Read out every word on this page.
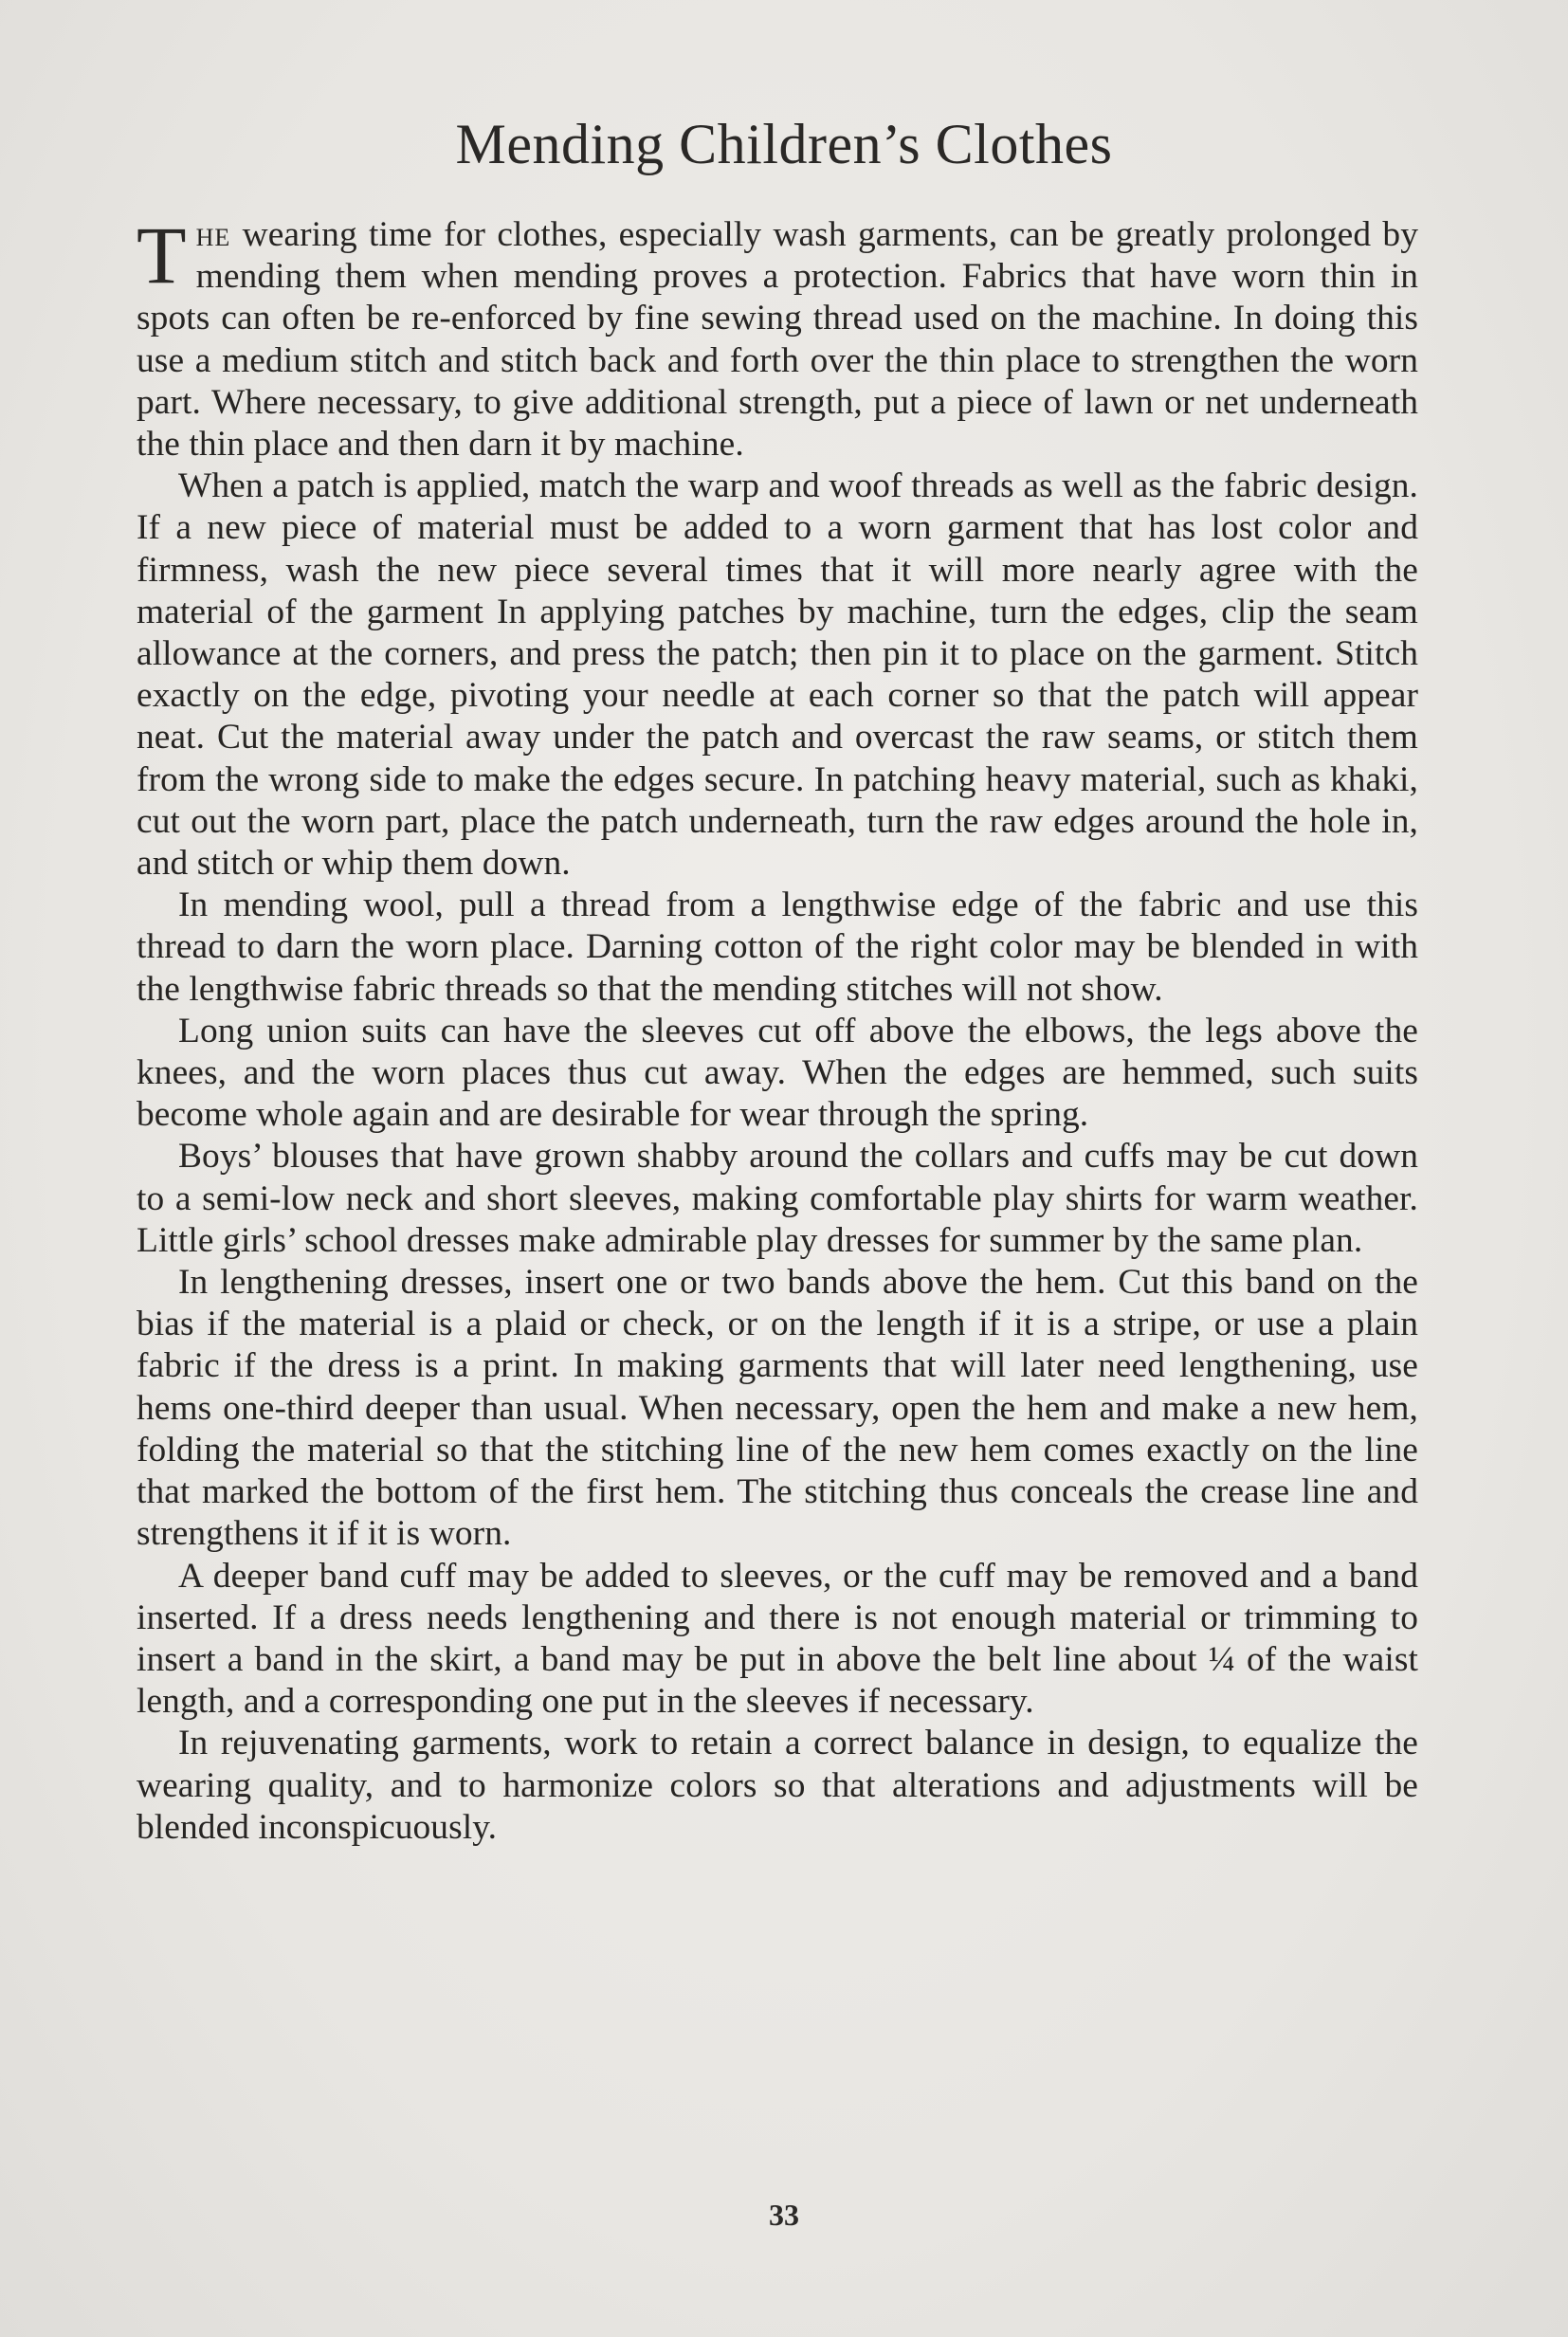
Mending Children’s Clothes

The wearing time for clothes, especially wash garments, can be greatly prolonged by mending them when mending proves a protection. Fabrics that have worn thin in spots can often be re-enforced by fine sewing thread used on the machine. In doing this use a medium stitch and stitch back and forth over the thin place to strengthen the worn part. Where necessary, to give additional strength, put a piece of lawn or net underneath the thin place and then darn it by machine.

When a patch is applied, match the warp and woof threads as well as the fabric design. If a new piece of material must be added to a worn garment that has lost color and firmness, wash the new piece several times that it will more nearly agree with the material of the garment In applying patches by machine, turn the edges, clip the seam allowance at the corners, and press the patch; then pin it to place on the garment. Stitch exactly on the edge, pivoting your needle at each corner so that the patch will appear neat. Cut the material away under the patch and overcast the raw seams, or stitch them from the wrong side to make the edges secure. In patching heavy material, such as khaki, cut out the worn part, place the patch underneath, turn the raw edges around the hole in, and stitch or whip them down.

In mending wool, pull a thread from a lengthwise edge of the fabric and use this thread to darn the worn place. Darning cotton of the right color may be blended in with the lengthwise fabric threads so that the mending stitches will not show.

Long union suits can have the sleeves cut off above the elbows, the legs above the knees, and the worn places thus cut away. When the edges are hemmed, such suits become whole again and are desirable for wear through the spring.

Boys’ blouses that have grown shabby around the collars and cuffs may be cut down to a semi-low neck and short sleeves, making comfortable play shirts for warm weather. Little girls’ school dresses make admirable play dresses for summer by the same plan.

In lengthening dresses, insert one or two bands above the hem. Cut this band on the bias if the material is a plaid or check, or on the length if it is a stripe, or use a plain fabric if the dress is a print. In making garments that will later need lengthening, use hems one-third deeper than usual. When necessary, open the hem and make a new hem, folding the material so that the stitching line of the new hem comes exactly on the line that marked the bottom of the first hem. The stitching thus conceals the crease line and strengthens it if it is worn.

A deeper band cuff may be added to sleeves, or the cuff may be removed and a band inserted. If a dress needs lengthening and there is not enough material or trimming to insert a band in the skirt, a band may be put in above the belt line about ¼ of the waist length, and a corresponding one put in the sleeves if necessary.

In rejuvenating garments, work to retain a correct balance in design, to equalize the wearing quality, and to harmonize colors so that alterations and adjustments will be blended inconspicuously.

33
